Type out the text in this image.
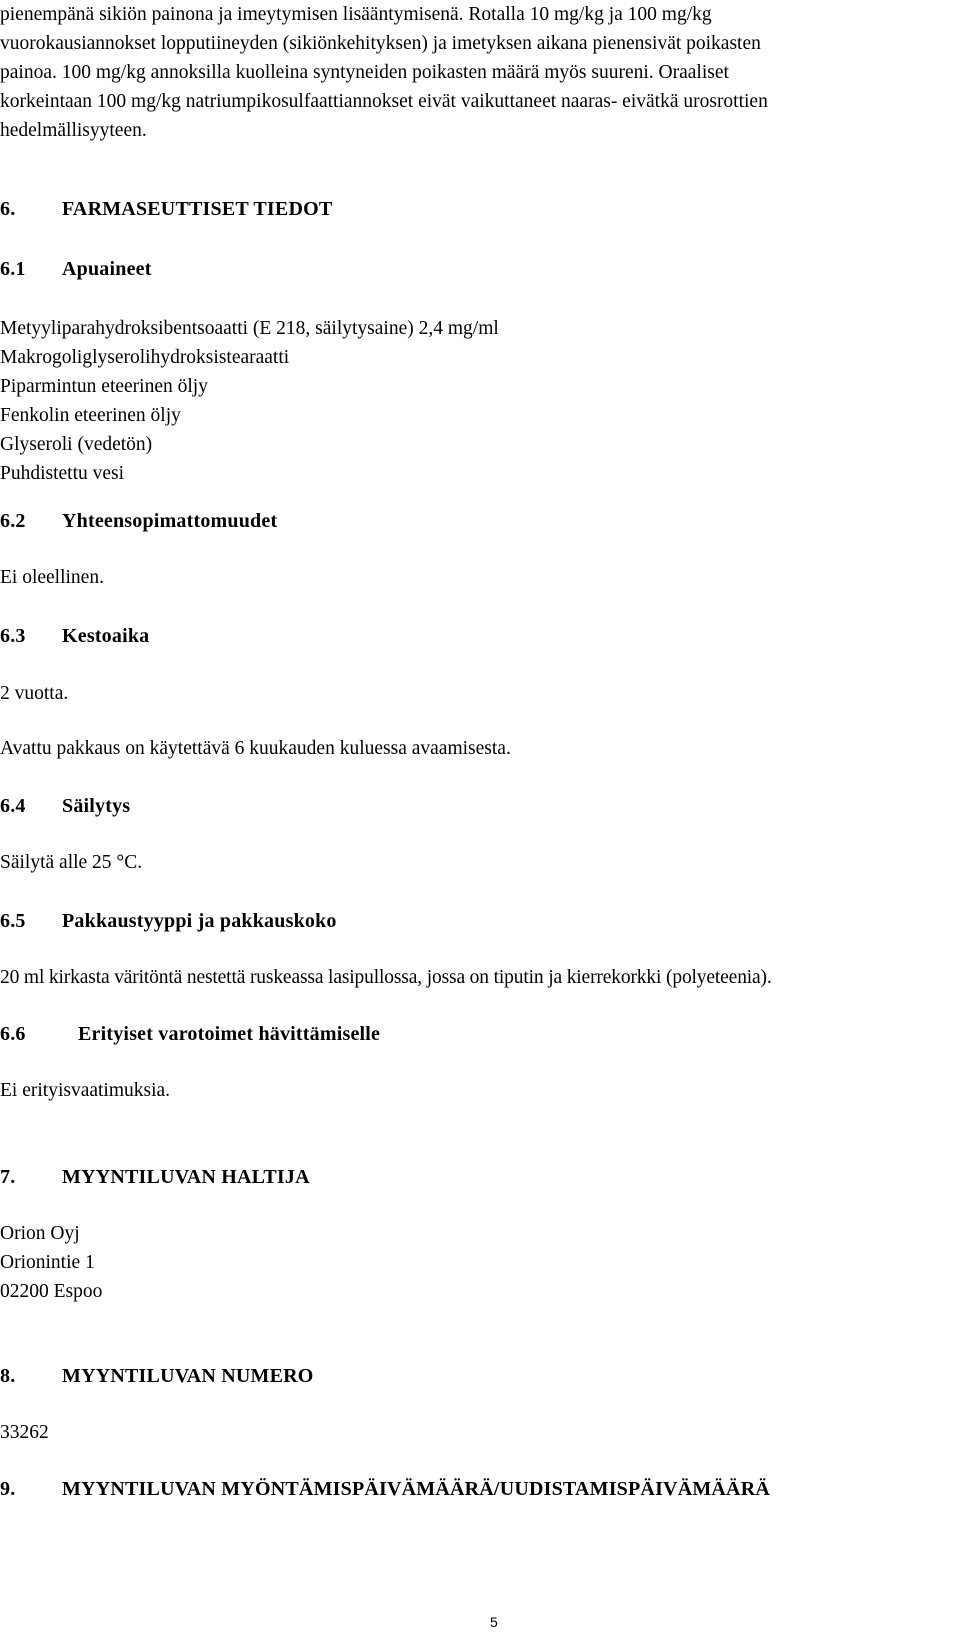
pienempänä sikiön painona ja imeytymisen lisääntymisenä. Rotalla 10 mg/kg ja 100 mg/kg
vuorokausiannokset lopputiineyden (sikiönkehityksen) ja imetyksen aikana pienensivät poikasten
painoa. 100 mg/kg annoksilla kuolleina syntyneiden poikasten määrä myös suureni. Oraaliset
korkeintaan 100 mg/kg natriumpikosulfaattiannokset eivät vaikuttaneet naaras- eivätkä urosrottien
hedelmällisyyteen.

6. FARMASEUTTISET TIEDOT
6.1 Apuaineet
Metyyliparahydroksibentsoaatti (E 218, säilytysaine) 2,4 mg/ml
Makrogoliglyserolihydroksistearaatti
Piparmintun eteerinen öljy
Fenkolin eteerinen öljy
Glyseroli (vedetön)
Puhdistettu vesi
6.2 Yhteensopimattomuudet
Ei oleellinen.
6.3 Kestoaika
2 vuotta.
Avattu pakkaus on käytettävä 6 kuukauden kuluessa avaamisesta.
6.4 Säilytys
Säilytä alle 25 °C.
6.5 Pakkaustyyppi ja pakkauskoko
20 ml kirkasta väritöntä nestettä ruskeassa lasipullossa, jossa on tiputin ja kierrekorkki (polyeteenia).
6.6	Erityiset varotoimet hävittämiselle
Ei erityisvaatimuksia.
7. MYYNTILUVAN HALTIJA
Orion Oyj
Orionintie 1
02200 Espoo
8. MYYNTILUVAN NUMERO
33262
9. MYYNTILUVAN MYÖNTÄMISPÄIVÄMÄÄRÄ/UUDISTAMISPÄIVÄMÄÄRÄ
5
